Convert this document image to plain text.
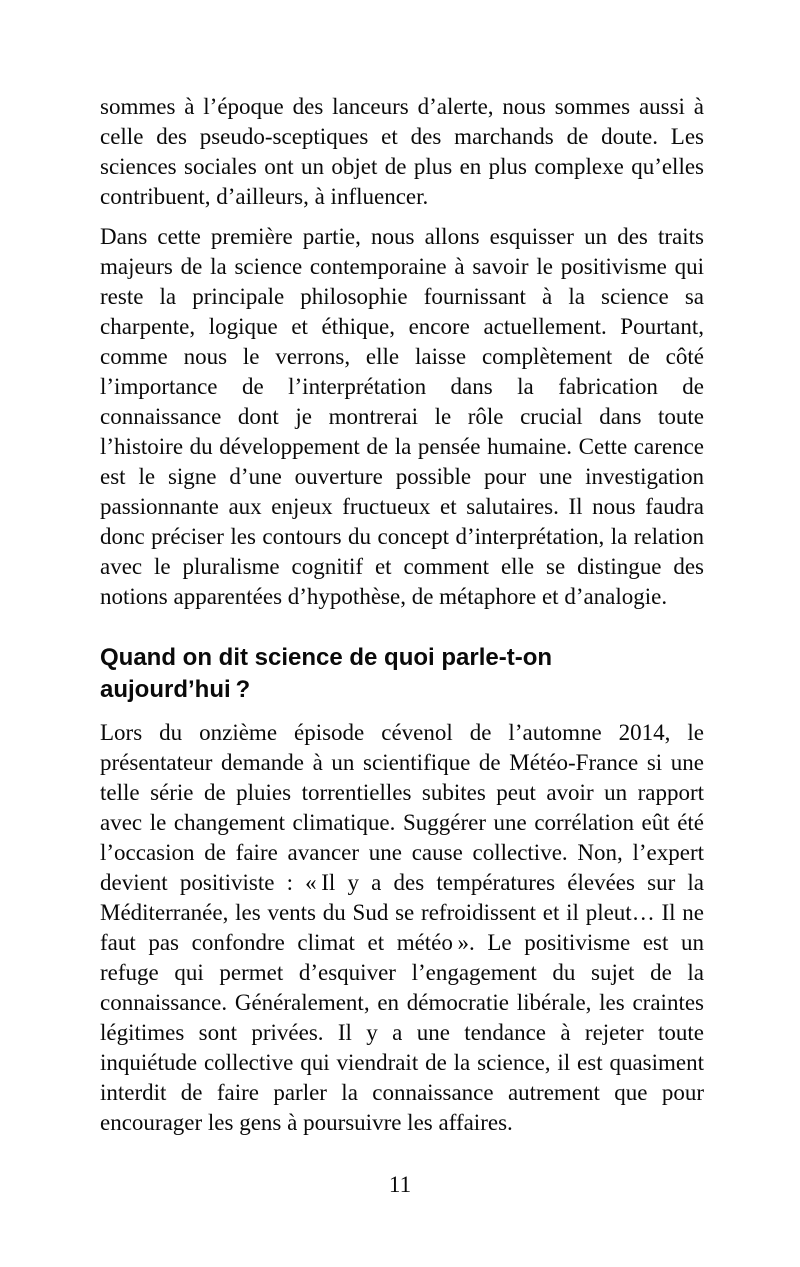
sommes à l’époque des lanceurs d’alerte, nous sommes aussi à celle des pseudo-sceptiques et des marchands de doute. Les sciences sociales ont un objet de plus en plus complexe qu’elles contribuent, d’ailleurs, à influencer.

Dans cette première partie, nous allons esquisser un des traits majeurs de la science contemporaine à savoir le positivisme qui reste la principale philosophie fournissant à la science sa charpente, logique et éthique, encore actuellement. Pourtant, comme nous le verrons, elle laisse complètement de côté l’importance de l’interprétation dans la fabrication de connaissance dont je montrerai le rôle crucial dans toute l’histoire du développement de la pensée humaine. Cette carence est le signe d’une ouverture possible pour une investigation passionnante aux enjeux fructueux et salutaires. Il nous faudra donc préciser les contours du concept d’interprétation, la relation avec le pluralisme cognitif et comment elle se distingue des notions apparentées d’hypothèse, de métaphore et d’analogie.

Quand on dit science de quoi parle-t-on aujourd’hui ?

Lors du onzième épisode cévenol de l’automne 2014, le présentateur demande à un scientifique de Météo-France si une telle série de pluies torrentielles subites peut avoir un rapport avec le changement climatique. Suggérer une corrélation eût été l’occasion de faire avancer une cause collective. Non, l’expert devient positiviste : « Il y a des températures élevées sur la Méditerranée, les vents du Sud se refroidissent et il pleut… Il ne faut pas confondre climat et météo ». Le positivisme est un refuge qui permet d’esquiver l’engagement du sujet de la connaissance. Généralement, en démocratie libérale, les craintes légitimes sont privées. Il y a une tendance à rejeter toute inquiétude collective qui viendrait de la science, il est quasiment interdit de faire parler la connaissance autrement que pour encourager les gens à poursuivre les affaires.

11
